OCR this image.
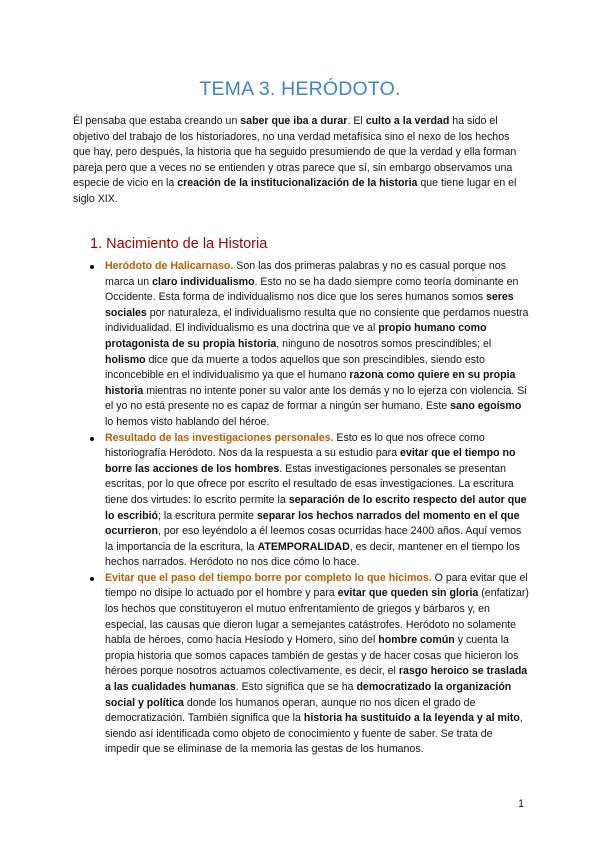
TEMA 3. HERÓDOTO.

Él pensaba que estaba creando un saber que iba a durar. El culto a la verdad ha sido el objetivo del trabajo de los historiadores, no una verdad metafísica sino el nexo de los hechos que hay, pero después, la historia que ha seguido presumiendo de que la verdad y ella forman pareja pero que a veces no se entienden y otras parece que sí, sin embargo observamos una especie de vicio en la creación de la institucionalización de la historia que tiene lugar en el siglo XIX.

1. Nacimiento de la Historia
Heródoto de Halicarnaso. Son las dos primeras palabras y no es casual porque nos marca un claro individualismo. Esto no se ha dado siempre como teoría dominante en Occidente. Esta forma de individualismo nos dice que los seres humanos somos seres sociales por naturaleza, el individualismo resulta que no consiente que perdamos nuestra individualidad. El individualismo es una doctrina que ve al propio humano como protagonista de su propia historia, ninguno de nosotros somos prescindibles; el holismo dice que da muerte a todos aquellos que son prescindibles, siendo esto inconcebible en el individualismo ya que el humano razona como quiere en su propia historia mientras no intente poner su valor ante los demás y no lo ejerza con violencia. Si el yo no está presente no es capaz de formar a ningún ser humano. Este sano egoísmo lo hemos visto hablando del héroe.
Resultado de las investigaciones personales. Esto es lo que nos ofrece como historiografía Heródoto. Nos da la respuesta a su estudio para evitar que el tiempo no borre las acciones de los hombres. Estas investigaciones personales se presentan escritas, por lo que ofrece por escrito el resultado de esas investigaciones. La escritura tiene dos virtudes: lo escrito permite la separación de lo escrito respecto del autor que lo escribió; la escritura permite separar los hechos narrados del momento en el que ocurrieron, por eso leyéndolo a él leemos cosas ocurridas hace 2400 años. Aquí vemos la importancia de la escritura, la ATEMPORALIDAD, es decir, mantener en el tiempo los hechos narrados. Heródoto no nos dice cómo lo hace.
Evitar que el paso del tiempo borre por completo lo que hicimos. O para evitar que el tiempo no disipe lo actuado por el hombre y para evitar que queden sin gloria (enfatizar) los hechos que constituyeron el mutuo enfrentamiento de griegos y bárbaros y, en especial, las causas que dieron lugar a semejantes catástrofes. Heródoto no solamente habla de héroes, como hacía Hesíodo y Homero, sino del hombre común y cuenta la propia historia que somos capaces también de gestas y de hacer cosas que hicieron los héroes porque nosotros actuamos colectivamente, es decir, el rasgo heroico se traslada a las cualidades humanas. Esto significa que se ha democratizado la organización social y política donde los humanos operan, aunque no nos dicen el grado de democratización. También significa que la historia ha sustituido a la leyenda y al mito, siendo así identificada como objeto de conocimiento y fuente de saber. Se trata de impedir que se eliminase de la memoria las gestas de los humanos.

1
